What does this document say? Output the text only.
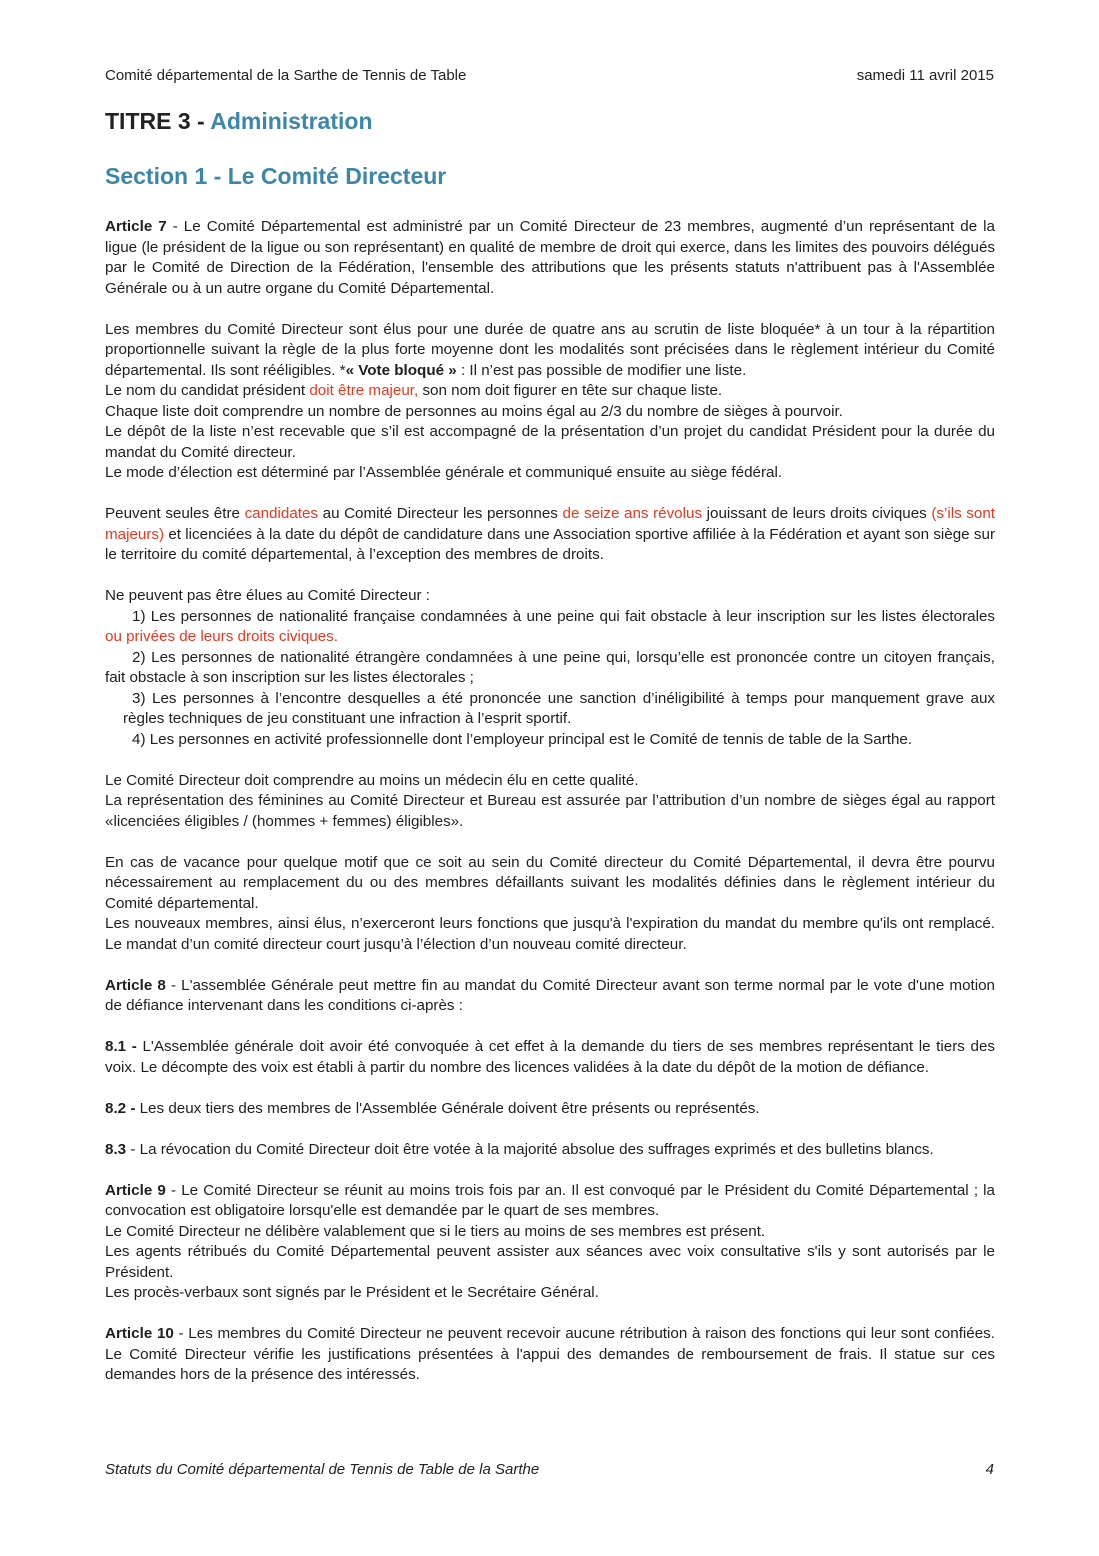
Comité départemental de la Sarthe de Tennis de Table	samedi 11 avril 2015
TITRE 3 - Administration
Section 1 - Le Comité Directeur

Article 7 - Le Comité Départemental est administré par un Comité Directeur de 23 membres, augmenté d’un représentant de la ligue (le président de la ligue ou son représentant) en qualité de membre de droit qui exerce, dans les limites des pouvoirs délégués par le Comité de Direction de la Fédération, l'ensemble des attributions que les présents statuts n'attribuent pas à l'Assemblée Générale ou à un autre organe du Comité Départemental.

Les membres du Comité Directeur sont élus pour une durée de quatre ans au scrutin de liste bloquée* à un tour à la répartition proportionnelle suivant la règle de la plus forte moyenne dont les modalités sont précisées dans le règlement intérieur du Comité départemental. Ils sont rééligibles. *« Vote bloqué » : Il n’est pas possible de modifier une liste.

Le nom du candidat président doit être majeur, son nom doit figurer en tête sur chaque liste.

Chaque liste doit comprendre un nombre de personnes au moins égal au 2/3 du nombre de sièges à pourvoir.

Le dépôt de la liste n’est recevable que s’il est accompagné de la présentation d’un projet du candidat Président pour la durée du mandat du Comité directeur.

Le mode d’élection est déterminé par l’Assemblée générale et communiqué ensuite au siège fédéral.

Peuvent seules être candidates au Comité Directeur les personnes de seize ans révolus jouissant de leurs droits civiques (s’ils sont majeurs) et licenciées à la date du dépôt de candidature dans une Association sportive affiliée à la Fédération et ayant son siège sur le territoire du comité départemental, à l’exception des membres de droits.

Ne peuvent pas être élues au Comité Directeur :

1) Les personnes de nationalité française condamnées à une peine qui fait obstacle à leur inscription sur les listes électorales ou privées de leurs droits civiques.

2) Les personnes de nationalité étrangère condamnées à une peine qui, lorsqu’elle est prononcée contre un citoyen français, fait obstacle à son inscription sur les listes électorales ;

3) Les personnes à l’encontre desquelles a été prononcée une sanction d’inéligibilité à temps pour manquement grave aux règles techniques de jeu constituant une infraction à l’esprit sportif.

4) Les personnes en activité professionnelle dont l’employeur principal est le Comité de tennis de table de la Sarthe.

Le Comité Directeur doit comprendre au moins un médecin élu en cette qualité.

La représentation des féminines au Comité Directeur et Bureau est assurée par l’attribution d’un nombre de sièges égal au rapport «licenciées éligibles / (hommes + femmes) éligibles».

En cas de vacance pour quelque motif que ce soit au sein du Comité directeur du Comité Départemental, il devra être pourvu nécessairement au remplacement du ou des membres défaillants suivant les modalités définies dans le règlement intérieur du Comité départemental.

Les nouveaux membres, ainsi élus, n’exerceront leurs fonctions que jusqu'à l'expiration du mandat du membre qu'ils ont remplacé. Le mandat d’un comité directeur court jusqu’à l’élection d’un nouveau comité directeur.

Article 8 - L'assemblée Générale peut mettre fin au mandat du Comité Directeur avant son terme normal par le vote d'une motion de défiance intervenant dans les conditions ci-après :

8.1 - L'Assemblée générale doit avoir été convoquée à cet effet à la demande du tiers de ses membres représentant le tiers des voix. Le décompte des voix est établi à partir du nombre des licences validées à la date du dépôt de la motion de défiance.

8.2 - Les deux tiers des membres de l'Assemblée Générale doivent être présents ou représentés.

8.3 - La révocation du Comité Directeur doit être votée à la majorité absolue des suffrages exprimés et des bulletins blancs.

Article 9 - Le Comité Directeur se réunit au moins trois fois par an. Il est convoqué par le Président du Comité Départemental ; la convocation est obligatoire lorsqu'elle est demandée par le quart de ses membres.

Le Comité Directeur ne délibère valablement que si le tiers au moins de ses membres est présent.

Les agents rétribués du Comité Départemental peuvent assister aux séances avec voix consultative s'ils y sont autorisés par le Président.

Les procès-verbaux sont signés par le Président et le Secrétaire Général.

Article 10 - Les membres du Comité Directeur ne peuvent recevoir aucune rétribution à raison des fonctions qui leur sont confiées. Le Comité Directeur vérifie les justifications présentées à l'appui des demandes de remboursement de frais. Il statue sur ces demandes hors de la présence des intéressés.

Statuts du Comité départemental de Tennis de Table de la Sarthe	4
